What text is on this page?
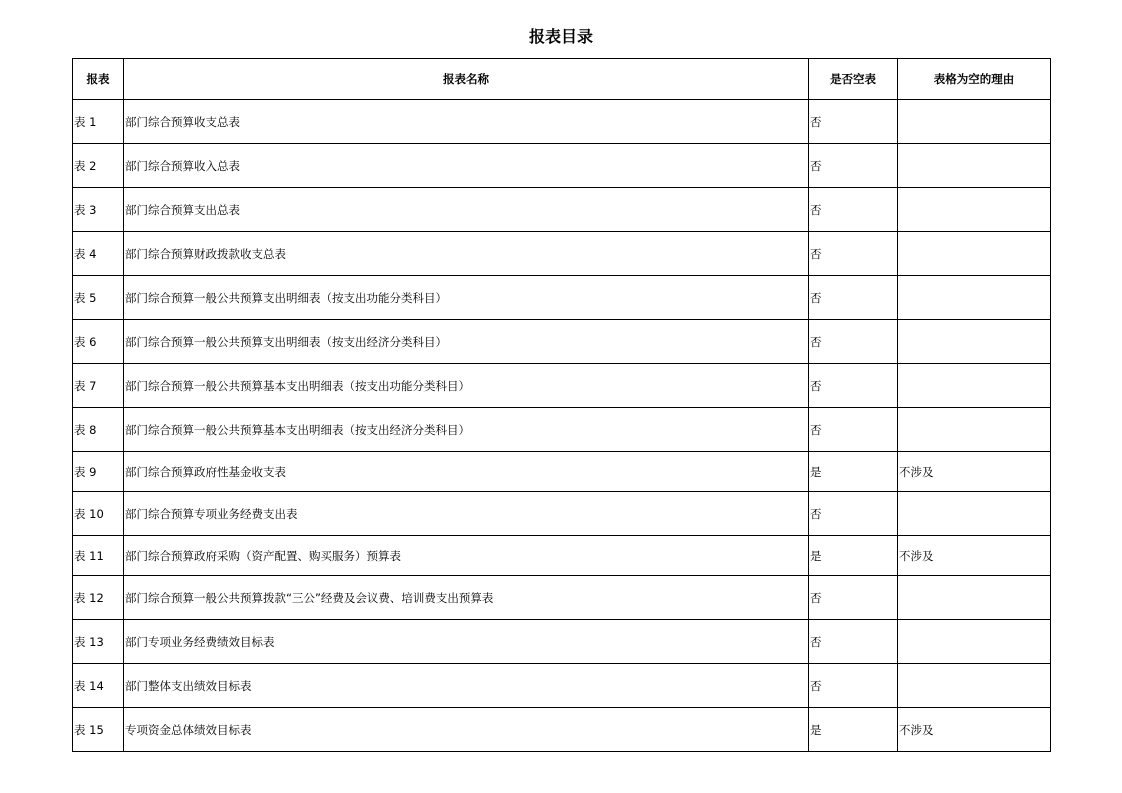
报表目录
报表	报表名称	是否空表	表格为空的理由
表 1	部门综合预算收支总表	否	
表 2	部门综合预算收入总表	否	
表 3	部门综合预算支出总表	否	
表 4	部门综合预算财政拨款收支总表	否	
表 5	部门综合预算一般公共预算支出明细表（按支出功能分类科目）	否	
表 6	部门综合预算一般公共预算支出明细表（按支出经济分类科目）	否	
表 7	部门综合预算一般公共预算基本支出明细表（按支出功能分类科目）	否	
表 8	部门综合预算一般公共预算基本支出明细表（按支出经济分类科目）	否	
表 9	部门综合预算政府性基金收支表	是	不涉及
表 10	部门综合预算专项业务经费支出表	否	
表 11	部门综合预算政府采购（资产配置、购买服务）预算表	是	不涉及
表 12	部门综合预算一般公共预算拨款“三公”经费及会议费、培训费支出预算表	否	
表 13	部门专项业务经费绩效目标表	否	
表 14	部门整体支出绩效目标表	否	
表 15	专项资金总体绩效目标表	是	不涉及
